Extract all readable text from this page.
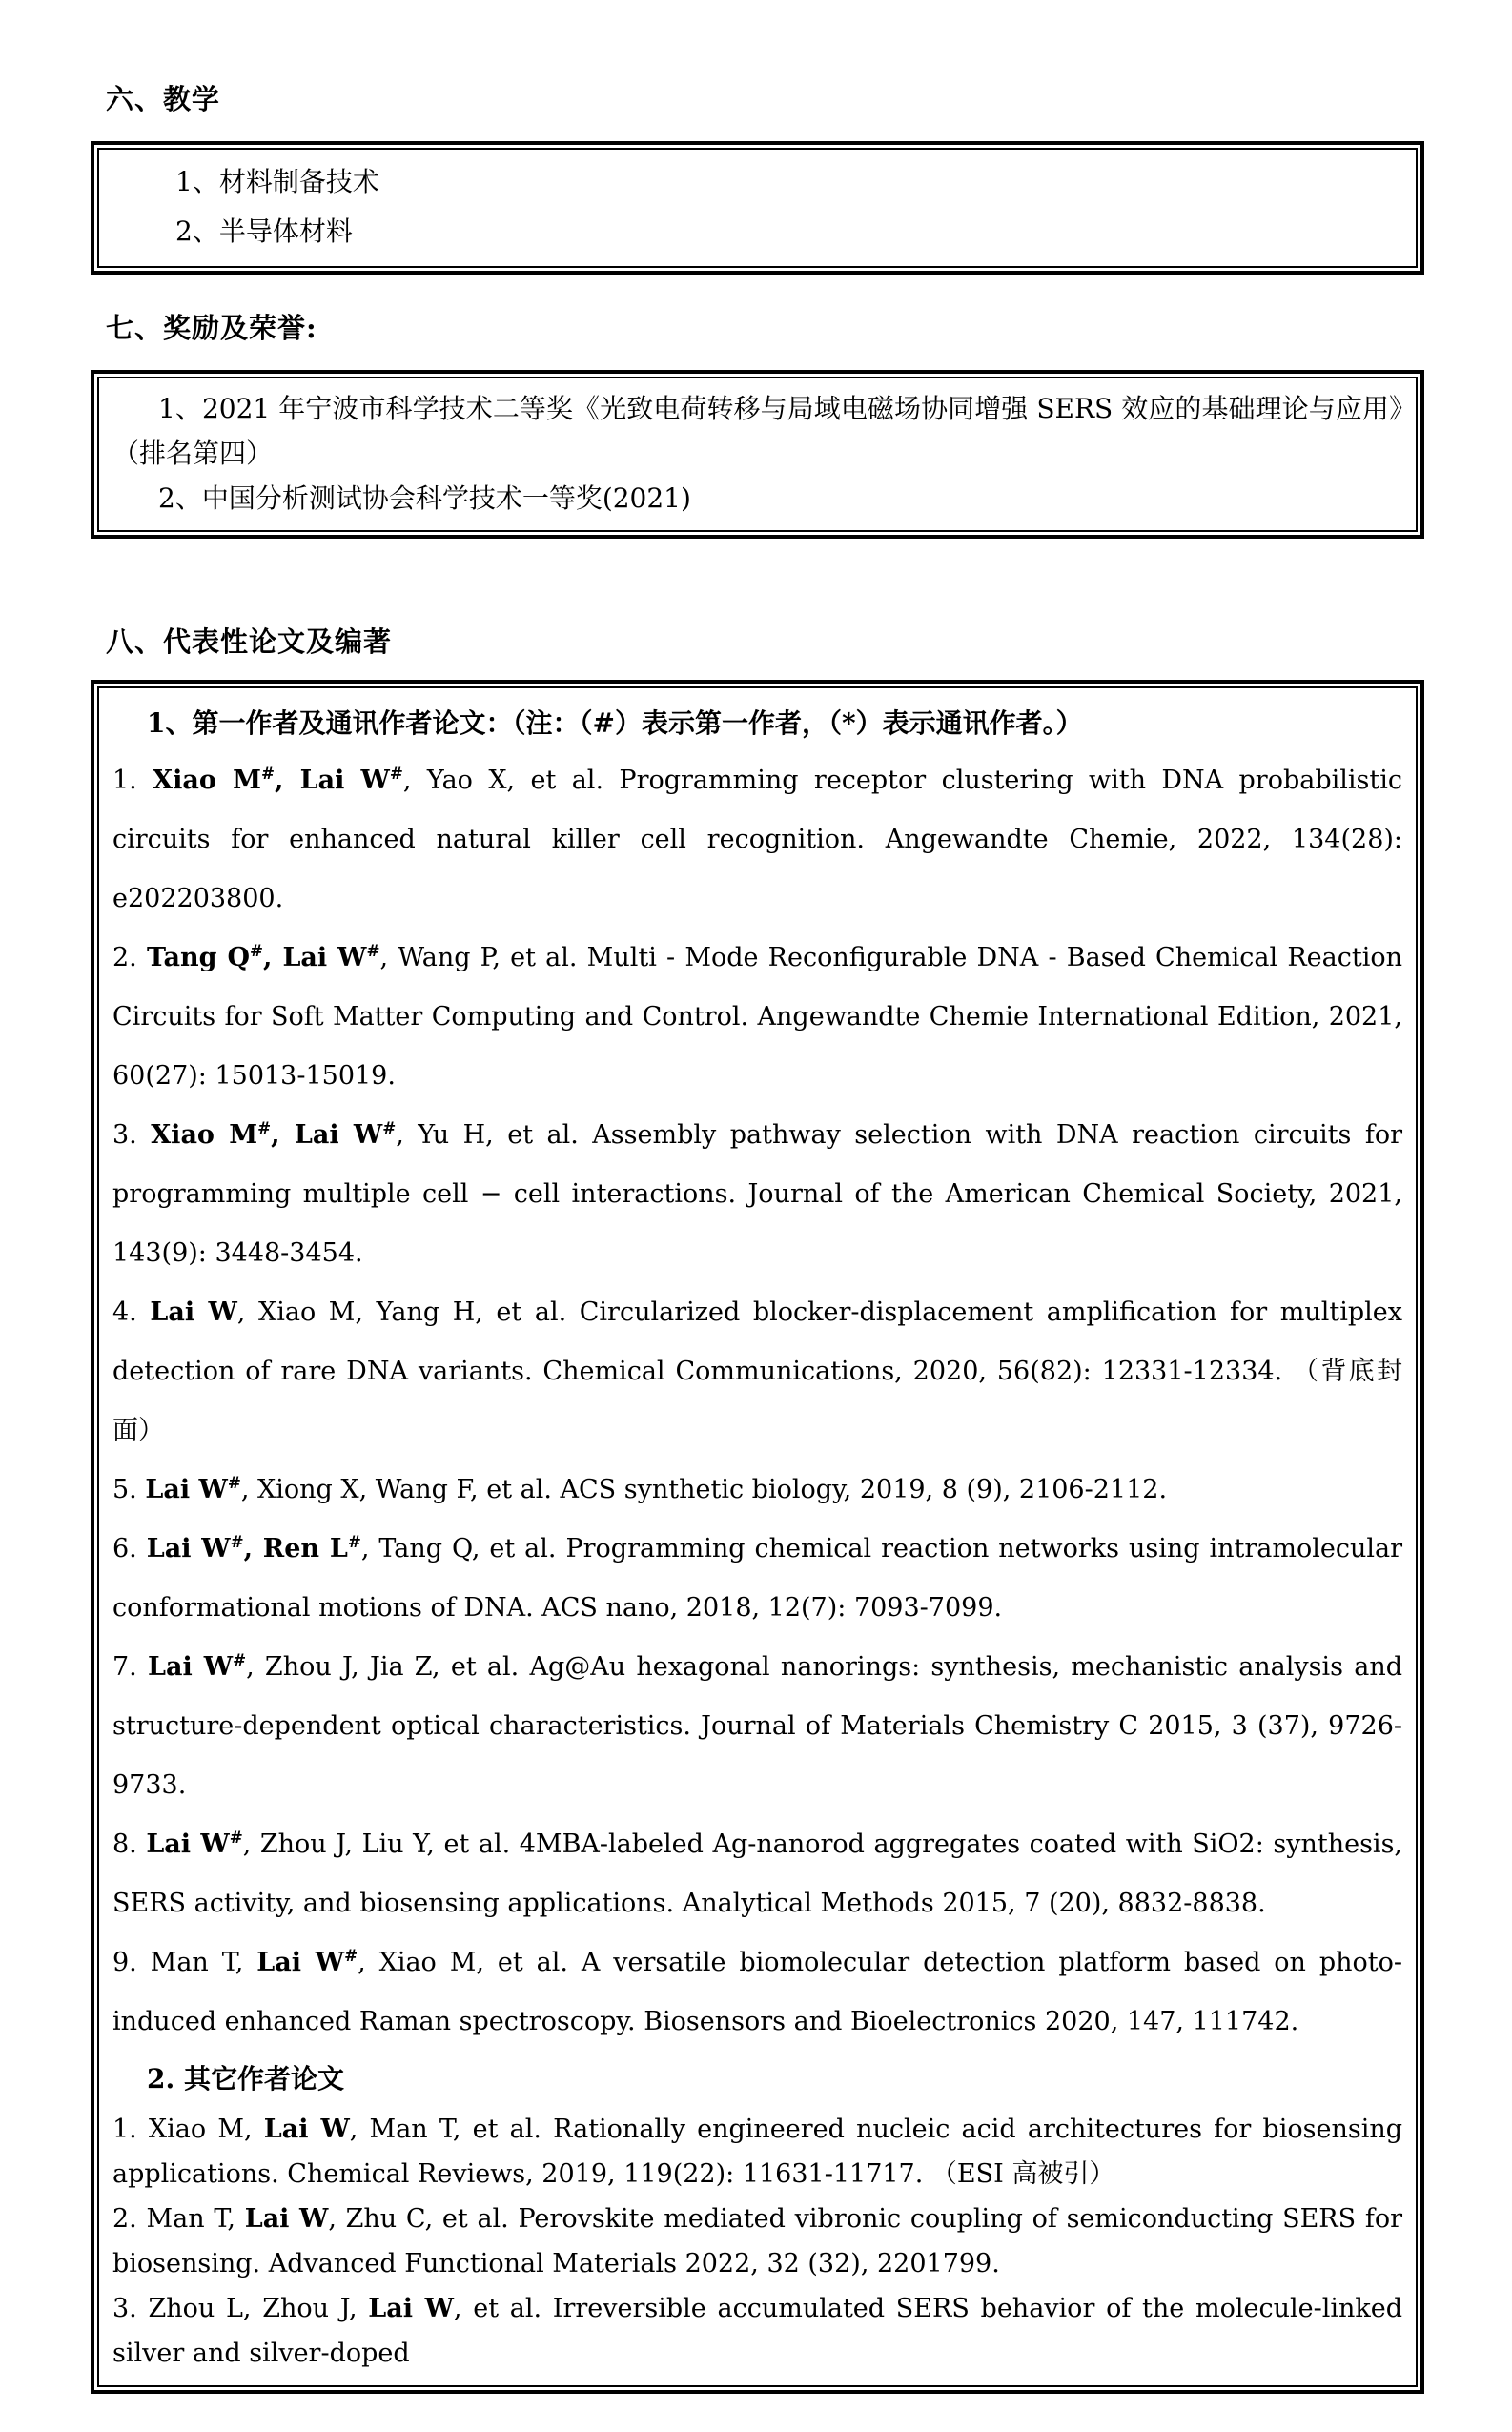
六、教学

1、材料制备技术

2、半导体材料

七、奖励及荣誉:

1、2021 年宁波市科学技术二等奖《光致电荷转移与局域电磁场协同增强 SERS 效应的基础理论与应用》（排名第四）

2、中国分析测试协会科学技术一等奖(2021)

八、代表性论文及编著

1、第一作者及通讯作者论文：（注：（#）表示第一作者，（*）表示通讯作者。）

1. Xiao M#, Lai W#, Yao X, et al. Programming receptor clustering with DNA probabilistic circuits for enhanced natural killer cell recognition. Angewandte Chemie, 2022, 134(28): e202203800.

2. Tang Q#, Lai W#, Wang P, et al. Multi - Mode Reconfigurable DNA - Based Chemical Reaction Circuits for Soft Matter Computing and Control. Angewandte Chemie International Edition, 2021, 60(27): 15013-15019.

3. Xiao M#, Lai W#, Yu H, et al. Assembly pathway selection with DNA reaction circuits for programming multiple cell − cell interactions. Journal of the American Chemical Society, 2021, 143(9): 3448-3454.

4. Lai W, Xiao M, Yang H, et al. Circularized blocker-displacement amplification for multiplex detection of rare DNA variants. Chemical Communications, 2020, 56(82): 12331-12334. （背底封面）

5. Lai W#, Xiong X, Wang F, et al. ACS synthetic biology, 2019, 8 (9), 2106-2112.

6. Lai W#, Ren L#, Tang Q, et al. Programming chemical reaction networks using intramolecular conformational motions of DNA. ACS nano, 2018, 12(7): 7093-7099.

7. Lai W#, Zhou J, Jia Z, et al. Ag@Au hexagonal nanorings: synthesis, mechanistic analysis and structure-dependent optical characteristics. Journal of Materials Chemistry C 2015, 3 (37), 9726-9733.

8. Lai W#, Zhou J, Liu Y, et al. 4MBA-labeled Ag-nanorod aggregates coated with SiO2: synthesis, SERS activity, and biosensing applications. Analytical Methods 2015, 7 (20), 8832-8838.

9. Man T, Lai W#, Xiao M, et al. A versatile biomolecular detection platform based on photo-induced enhanced Raman spectroscopy. Biosensors and Bioelectronics 2020, 147, 111742.

2. 其它作者论文

1. Xiao M, Lai W, Man T, et al. Rationally engineered nucleic acid architectures for biosensing applications. Chemical Reviews, 2019, 119(22): 11631-11717. （ESI 高被引）

2. Man T, Lai W, Zhu C, et al. Perovskite mediated vibronic coupling of semiconducting SERS for biosensing. Advanced Functional Materials 2022, 32 (32), 2201799.

3. Zhou L, Zhou J, Lai W, et al. Irreversible accumulated SERS behavior of the molecule-linked silver and silver-doped
